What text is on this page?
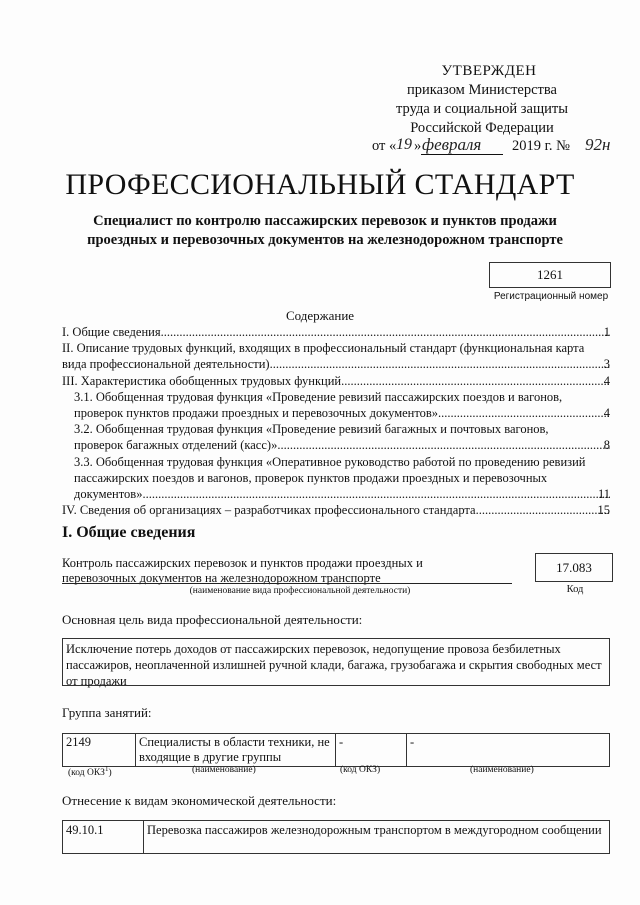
УТВЕРЖДЕН
приказом Министерства
труда и социальной защиты
Российской Федерации
от « 19 » февраля 2019 г. № 92н
ПРОФЕССИОНАЛЬНЫЙ СТАНДАРТ
Специалист по контролю пассажирских перевозок и пунктов продажи
проездных и перевозочных документов на железнодорожном транспорте
1261
Регистрационный номер
Содержание
I. Общие сведения .....	1
II. Описание трудовых функций, входящих в профессиональный стандарт (функциональная карта
вида профессиональной деятельности) .....	3
III. Характеристика обобщенных трудовых функций .....	4
3.1. Обобщенная трудовая функция «Проведение ревизий пассажирских поездов и вагонов,
проверок пунктов продажи проездных и перевозочных документов» .....	4
3.2. Обобщенная трудовая функция «Проведение ревизий багажных и почтовых вагонов,
проверок багажных отделений (касс)» .....	8
3.3. Обобщенная трудовая функция «Оперативное руководство работой по проведению ревизий
пассажирских поездов и вагонов, проверок пунктов продажи проездных и перевозочных
документов» .....	11
IV. Сведения об организациях – разработчиках профессионального стандарта .....	15
I. Общие сведения
Контроль пассажирских перевозок и пунктов продажи проездных и
перевозочных документов на железнодорожном транспорте
(наименование вида профессиональной деятельности)
17.083
Код
Основная цель вида профессиональной деятельности:
Исключение потерь доходов от пассажирских перевозок, недопущение провоза безбилетных пассажиров, неоплаченной излишней ручной клади, багажа, грузобагажа и скрытия свободных мест от продажи
Группа занятий:
2149	Специалисты в области техники, не входящие в другие группы	-	-
(код ОКЗ$^1$)	(наименование)	(код ОКЗ)	(наименование)
Отнесение к видам экономической деятельности:
49.10.1	Перевозка пассажиров железнодорожным транспортом в междугородном сообщении
